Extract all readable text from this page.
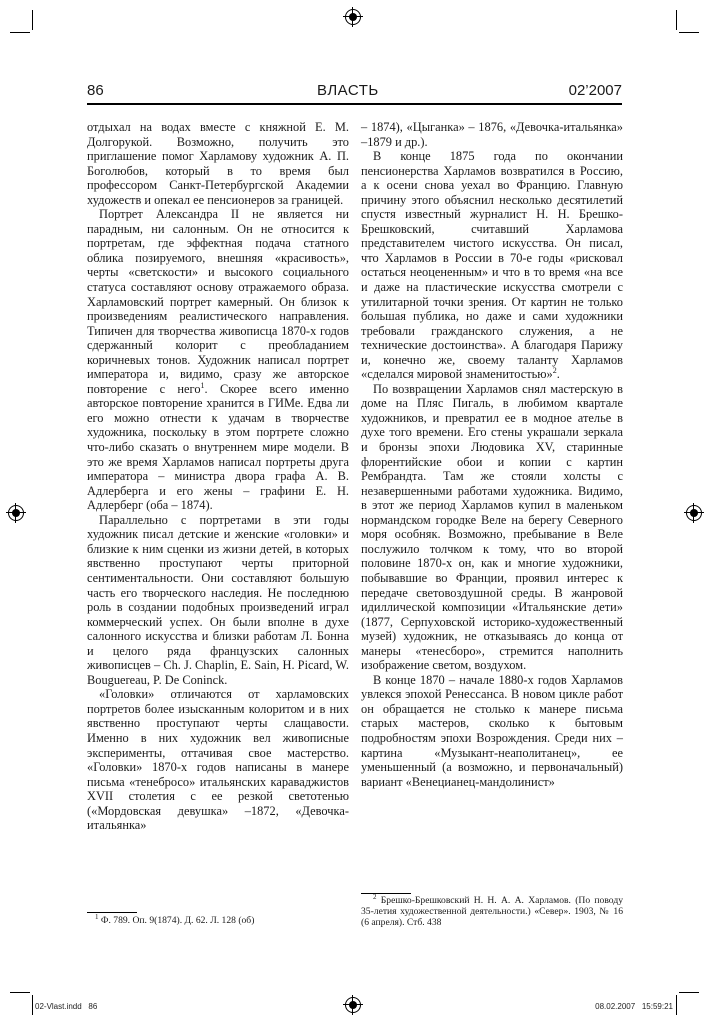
86	ВЛАСТЬ	02’2007

отдыхал на водах вместе с княжной Е. М. Долгорукой. Возможно, получить это приглашение помог Харламову художник А. П. Боголюбов, который в то время был профессором Санкт-Петербургской Академии художеств и опекал ее пенсионеров за границей.

Портрет Александра II не является ни парадным, ни салонным. Он не относится к портретам, где эффектная подача статного облика позируемого, внешняя «красивость», черты «светскости» и высокого социального статуса составляют основу отражаемого образа. Харламовский портрет камерный. Он близок к произведениям реалистического направления. Типичен для творчества живописца 1870-х годов сдержанный колорит с преобладанием коричневых тонов. Художник написал портрет императора и, видимо, сразу же авторское повторение с него$^1$. Скорее всего именно авторское повторение хранится в ГИМе. Едва ли его можно отнести к удачам в творчестве художника, поскольку в этом портрете сложно что-либо сказать о внутреннем мире модели. В это же время Харламов написал портреты друга императора – министра двора графа А. В. Адлерберга и его жены – графини Е. Н. Адлерберг (оба – 1874).

Параллельно с портретами в эти годы художник писал детские и женские «головки» и близкие к ним сценки из жизни детей, в которых явственно проступают черты приторной сентиментальности. Они составляют большую часть его творческого наследия. Не последнюю роль в создании подобных произведений играл коммерческий успех. Он были вполне в духе салонного искусства и близки работам Л. Бонна и целого ряда французских салонных живописцев – Ch. J. Chaplin, E. Sain, H. Picard, W. Bouguereau, P. De Coninck.

«Головки» отличаются от харламовских портретов более изысканным колоритом и в них явственно проступают черты слащавости. Именно в них художник вел живописные эксперименты, оттачивая свое мастерство. «Головки» 1870-х годов написаны в манере письма «тенебросо» итальянских караваджистов XVII столетия с ее резкой светотенью («Мордовская девушка» –1872, «Девочка-итальянка»

– 1874), «Цыганка» – 1876, «Девочка-итальянка» –1879 и др.).

В конце 1875 года по окончании пенсионерства Харламов возвратился в Россию, а к осени снова уехал во Францию. Главную причину этого объяснил несколько десятилетий спустя известный журналист Н. Н. Брешко-Брешковский, считавший Харламова представителем чистого искусства. Он писал, что Харламов в России в 70-е годы «рисковал остаться неоцененным» и что в то время «на все и даже на пластические искусства смотрели с утилитарной точки зрения. От картин не только большая публика, но даже и сами художники требовали гражданского служения, а не технические достоинства». А благодаря Парижу и, конечно же, своему таланту Харламов «сделался мировой знаменитостью»$^2$.

По возвращении Харламов снял мастерскую в доме на Пляс Пигаль, в любимом квартале художников, и превратил ее в модное ателье в духе того времени. Его стены украшали зеркала и бронзы эпохи Людовика XV, старинные флорентийские обои и копии с картин Рембрандта. Там же стояли холсты с незавершенными работами художника. Видимо, в этот же период Харламов купил в маленьком нормандском городке Веле на берегу Северного моря особняк. Возможно, пребывание в Веле послужило толчком к тому, что во второй половине 1870-х он, как и многие художники, побывавшие во Франции, проявил интерес к передаче световоздушной среды. В жанровой идиллической композиции «Итальянские дети» (1877, Серпуховской историко-художественный музей) художник, не отказываясь до конца от манеры «тенесборо», стремится наполнить изображение светом, воздухом.

В конце 1870 – начале 1880-х годов Харламов увлекся эпохой Ренессанса. В новом цикле работ он обращается не столько к манере письма старых мастеров, сколько к бытовым подробностям эпохи Возрождения. Среди них – картина «Музыкант-неаполитанец», ее уменьшенный (а возможно, и первоначальный) вариант «Венецианец-мандолинист»

$^1$ Ф. 789. Оп. 9(1874). Д. 62. Л. 128 (об)
$^2$ Брешко-Брешковский Н. Н. А. А. Харламов. (По поводу 35-летия художественной деятельности.) «Север». 1903, № 16 (6 апреля). Стб. 438
02-Vlast.indd   86	08.02.2007   15:59:21
